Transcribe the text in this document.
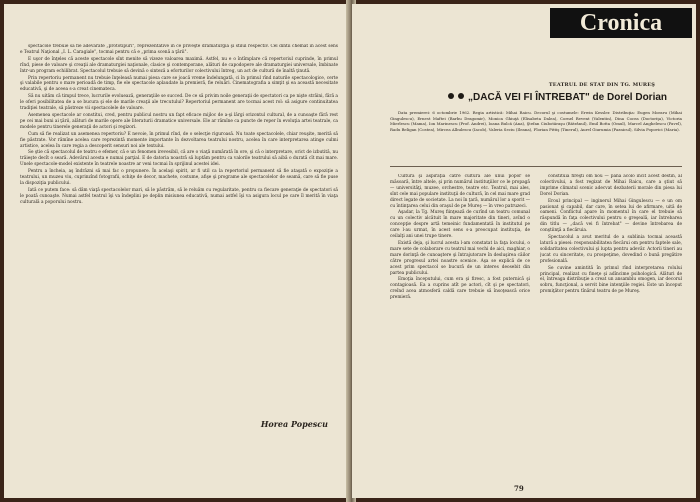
spectacole trebuie să fie adevărate „prototipuri", reprezentative în ce priveşte dramaturgia şi stilul respectiv. Cel dintîi chemat în acest sens e Teatrul Naţional „I. L. Caragiale", tocmai pentru că e „prima scenă a ţării".

E uşor de înţeles că aceste spectacole sînt menite să vizeze valoarea maximă. Astfel, nu e o întîmplare că repertoriul cuprinde, în primul rînd, piese de valoare şi creaţii ale dramaturgiei naţionale, clasice şi contemporane, alături de capodopere ale dramaturgiei universale, îmbinate într-un program echilibrat. Spectacolul trebuie să devină o sinteză a eforturilor colectivului întreg, un act de cultură de înaltă ţinută.

Prin repertoriu permanent nu trebuie înţeleasă numai piesa care se joacă vreme îndelungată, ci în primul rînd naturile spectacologice, certe şi valabile pentru o mare perioadă de timp, fie ele spectacole aplaudate la premieră, fie reluări. Cinematografia a simţit şi ea această necesitate educativă, şi de aceea s-a creat cinemateca.

Să nu uităm că timpul trece, lucrurile evoluează, generaţiile se succed. De ce să privim noile generaţii de spectatori ca pe nişte străini, fără a le oferi posibilitatea de a se bucura şi ele de marile creaţii ale trecutului? Repertoriul permanent are tocmai acest rol: să asigure continuitatea tradiţiei teatrale, să păstreze vii spectacolele de valoare.

Asemenea spectacole ar constitui, cred, pentru publicul nostru un fapt eficace mijloc de a-şi lărgi orizontul cultural, de a cunoaşte fără rest pe cei mai buni ai ţării, alături de marile opere ale literaturii dramatice universale. Ele ar rămîne ca puncte de reper în evoluţia artei teatrale, ca modele pentru tinerele generaţii de actori şi regizori.

Cum să fie realizat un asemenea repertoriu? E nevoie, în primul rînd, de o selecţie riguroasă. Nu toate spectacolele, chiar reuşite, merită să fie păstrate. Vor rămîne acelea care reprezintă momente importante în dezvoltarea teatrului nostru, acelea în care interpretarea atinge culmi artistice, acelea în care regia a descoperit sensuri noi ale textului.

Se ştie că spectacolul de teatru e efemer, că e un fenomen irevesibil, că are o viaţă numărată în ore, şi că o interpretare, orict de izbutită, nu trăieşte decît o seară. Adevărul acesta e numai parţial. E de datoria noastră să luptăm pentru ca valorile teatrului să aibă o durată cît mai mare. Unele spectacole-model existente în teatrele noastre ar veni tocmai în sprijinul acestei idei.

Pentru a încheia, aş îndrăzni să mai fac o propunere. În acelaşi spirit, ar fi util ca la repertoriul permanent să fie ataşată o expoziţie a teatrului, un muzeu viu, cuprinzînd fotografii, schiţe de decor, machete, costume, afişe şi programe ale spectacolelor de seamă, care să fie puse la dispoziţia publicului.

Iată ce putem face: să dăm viaţă spectacolelor mari, să le păstrăm, să le reluăm cu regularitate, pentru ca fiecare generaţie de spectatori să le poată cunoaşte. Numai astfel teatrul îşi va îndeplini pe deplin misiunea educativă, numai astfel îşi va asigura locul pe care îl merită în viaţa culturală a poporului nostru.

Horea Popescu
Cronica
TEATRUL DE STAT DIN TG. MUREŞ
„DACĂ VEI FI ÎNTREBAT" de Dorel Dorian

Data premierei: 6 octombrie 1962. Regia artistică: Mihai Raicu. Decorul şi costumele: Erwin Kessler. Distribuţia: Eugen Moraru (Mihai Gingulescu), Ernest Maftei (Barbu Dragomir), Monica Ghiuţă (Elisabeta Dalea), Cornel Revent (Valentin), Dina Cocea (Doctoriţa), Victoria Mierlescu (Mama), Ion Marinescu (Prof. Andrei), Ioana Bulcă (Ana), Ştefan Ciubotăraşu (Bătrânul), Emil Botta (Omul), Marcel Anghelescu (Pavel), Radu Beligan (Costea), Mircea Albulescu (Iacob), Valeria Seciu (Ileana), Florian Pittiş (Tinerul), Aurel Giurumia (Paznicul), Silvia Popovici (Maria).

Cultura şi aspiraţia către cultură ale unui popor se măsoară, între altele, şi prin numărul instituţiilor ce le propagă — universităţi, muzee, orchestre, teatre etc. Teatrul, mai ales, sînt cele mai populare instituţii de cultură, în cel mai mare grad direct legate de societate. La noi în ţară, numărul lor a sporit — cu întinţarea celui din oraşul de pe Mureş — în vreo patruzeci.

Aşadar, la Tg. Mureş fiinţează de curînd un teatru comunal cu un colectiv alcătuit în mare majoritate din tineri, avînd o concepţie despre artă temeinic fundamentată în institutul pe care l-au urmat, în acest sens s-a preocupat instituţia, de ceilalţi ani unei trupe tinere.

Există deja, şi lucrul acesta l-am constatat la faţa locului, o mare sete de colaborare cu teatrul mai vechi de aici, maghiar, o mare dorinţă de cunoaştere şi întrajutorare în desluşirea căilor către progresul artei noastre scenice. Aşa se explică de ce acest prim spectacol se bucură de un interes deosebit din partea publicului.

Emoţia începutului, cum era şi firesc, a fost puternică şi contagioasă. Ea a cuprins atît pe actori, cît şi pe spectatori, creînd acea atmosferă caldă care trebuie să însoţească orice premieră.

constituia fireşti om nou — pâna acolo încît acest destin, al colectivului, a fost regizat de Mihai Raicu, care a ştiut să imprime climatul scenic adecvat dezbaterii morale din piesa lui Dorel Dorian.

Eroul principal — inginerul Mihai Gingulescu — e un om pasionat şi capabil, dar care, în setea lui de afirmare, uită de oameni. Conflictul apare în momentul în care el trebuie să răspundă în faţa colectivului pentru o greşeală, iar întrebarea din titlu — „dacă vei fi întrebat" — devine întrebarea de conştiinţă a fiecăruia.

Spectacolul a avut meritul de a sublinia tocmai această latură a piesei: responsabilitatea fiecărui om pentru faptele sale, solidaritatea colectivului şi lupta pentru adevăr. Actorii tineri au jucat cu sinceritate, cu prospeţime, dovedind o bună pregătire profesională.

Se cuvine amintită în primul rînd interpretarea rolului principal, realizat cu fineţe şi adîncime psihologică. Alături de el, întreaga distribuţie a creat un ansamblu omogen, iar decorul sobru, funcţional, a servit bine intenţiile regiei. Este un început promiţător pentru tînărul teatru de pe Mureş.

79
